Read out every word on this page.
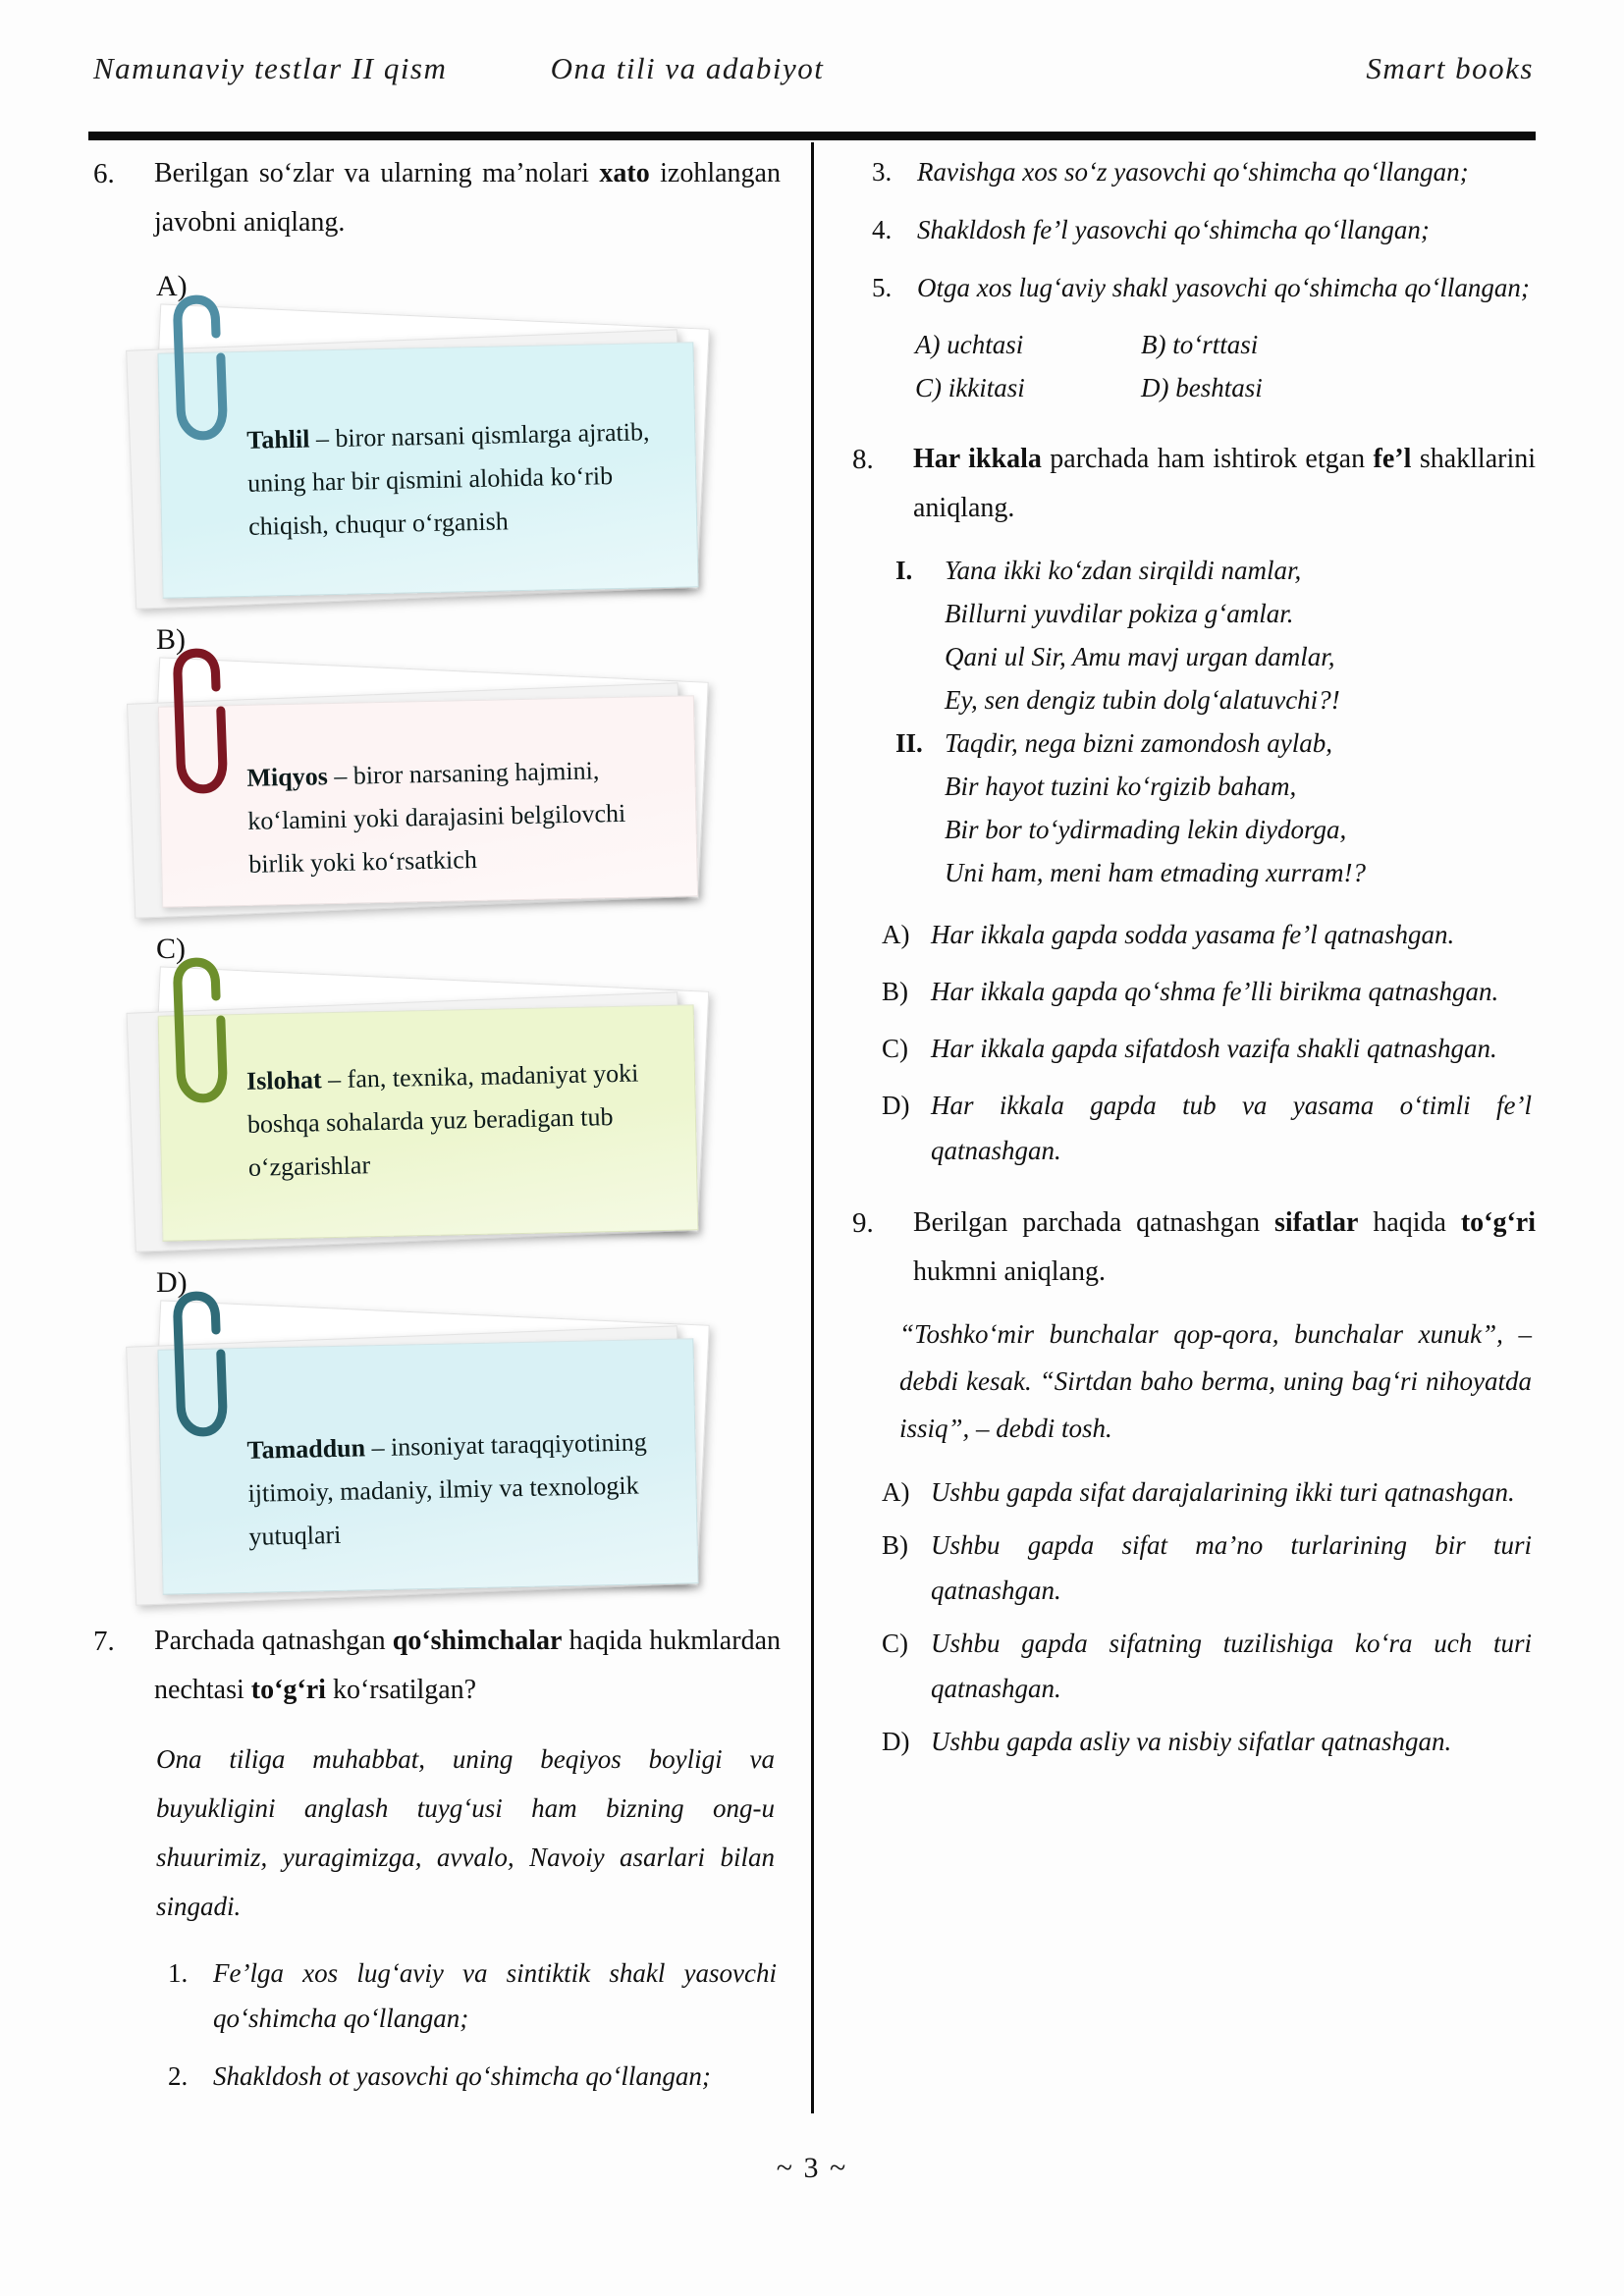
Namunaviy testlar II qism	Ona tili va adabiyot	Smart books
6.	Berilgan so‘zlar va ularning ma’nolari xato izohlangan javobni aniqlang.
A)

Tahlil – biror narsani qismlarga ajratib, uning har bir qismini alohida ko‘rib chiqish, chuqur o‘rganish

B)

Miqyos – biror narsaning hajmini, ko‘lamini yoki darajasini belgilovchi birlik yoki ko‘rsatkich

C)

Islohat – fan, texnika, madaniyat yoki boshqa sohalarda yuz beradigan tub o‘zgarishlar

D)

Tamaddun – insoniyat taraqqiyotining ijtimoiy, madaniy, ilmiy va texnologik yutuqlari

7.	Parchada qatnashgan qo‘shimchalar haqida hukmlardan nechtasi to‘g‘ri ko‘rsatilgan?

Ona tiliga muhabbat, uning beqiyos boyligi va buyukligini anglash tuyg‘usi ham bizning ong-u shuurimiz, yuragimizga, avvalo, Navoiy asarlari bilan singadi.

1. Fe’lga xos lug‘aviy va sintiktik shakl yasovchi qo‘shimcha qo‘llangan;
2. Shakldosh ot yasovchi qo‘shimcha qo‘llangan;
3. Ravishga xos so‘z yasovchi qo‘shimcha qo‘llangan;
4. Shakldosh fe’l yasovchi qo‘shimcha qo‘llangan;
5. Otga xos lug‘aviy shakl yasovchi qo‘shimcha qo‘llangan;
A) uchtasi	B) to‘rttasi
C) ikkitasi	D) beshtasi
8.	Har ikkala parchada ham ishtirok etgan fe’l shakllarini aniqlang.
I.	Yana ikki ko‘zdan sirqildi namlar,
Billurni yuvdilar pokiza g‘amlar.
Qani ul Sir, Amu mavj urgan damlar,
Ey, sen dengiz tubin dolg‘alatuvchi?!
II. Taqdir, nega bizni zamondosh aylab,
Bir hayot tuzini ko‘rgizib baham,
Bir bor to‘ydirmading lekin diydorga,
Uni ham, meni ham etmading xurram!?
A) Har ikkala gapda sodda yasama fe’l qatnashgan.
B) Har ikkala gapda qo‘shma fe’lli birikma qatnashgan.
C) Har ikkala gapda sifatdosh vazifa shakli qatnashgan.
D) Har ikkala gapda tub va yasama o‘timli fe’l qatnashgan.
9.	Berilgan parchada qatnashgan sifatlar haqida to‘g‘ri hukmni aniqlang.

“Toshko‘mir bunchalar qop-qora, bunchalar xunuk”, – debdi kesak. “Sirtdan baho berma, uning bag‘ri nihoyatda issiq”, – debdi tosh.

A) Ushbu gapda sifat darajalarining ikki turi qatnashgan.
B) Ushbu gapda sifat ma’no turlarining bir turi qatnashgan.
C) Ushbu gapda sifatning tuzilishiga ko‘ra uch turi qatnashgan.
D) Ushbu gapda asliy va nisbiy sifatlar qatnashgan.
~ 3 ~
